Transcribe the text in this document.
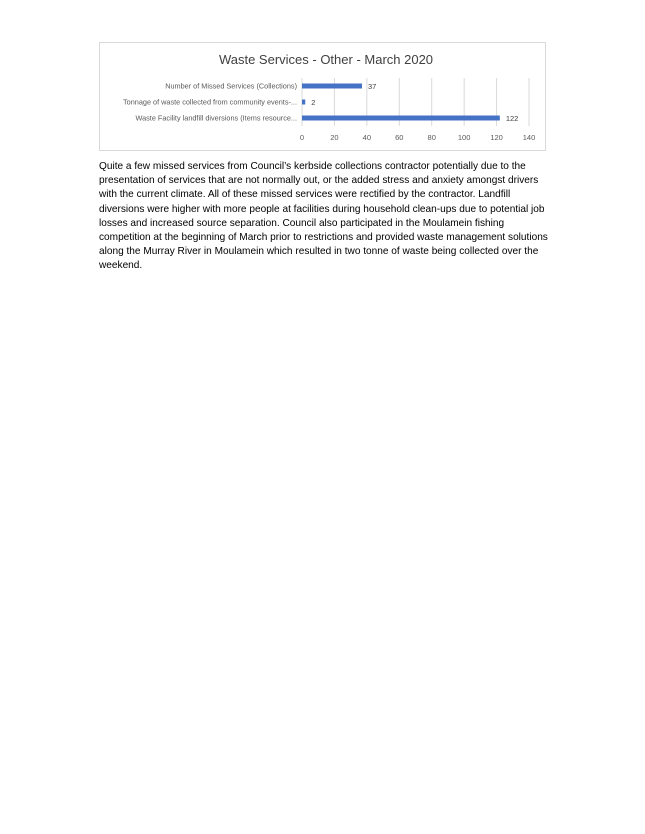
Waste Services - Other - March 2020
0	20	40	60	80	100	120	140
Number of Missed Services (Collections)	37
Tonnage of waste collected from community events-... 2
Waste Facility landfill diversions (Items resource...	122

Quite a few missed services from Council’s kerbside collections contractor potentially due to the presentation of services that are not normally out, or the added stress and anxiety amongst drivers with the current climate. All of these missed services were rectified by the contractor. Landfill diversions were higher with more people at facilities during household clean-ups due to potential job losses and increased source separation. Council also participated in the Moulamein fishing competition at the beginning of March prior to restrictions and provided waste management solutions along the Murray River in Moulamein which resulted in two tonne of waste being collected over the weekend.
